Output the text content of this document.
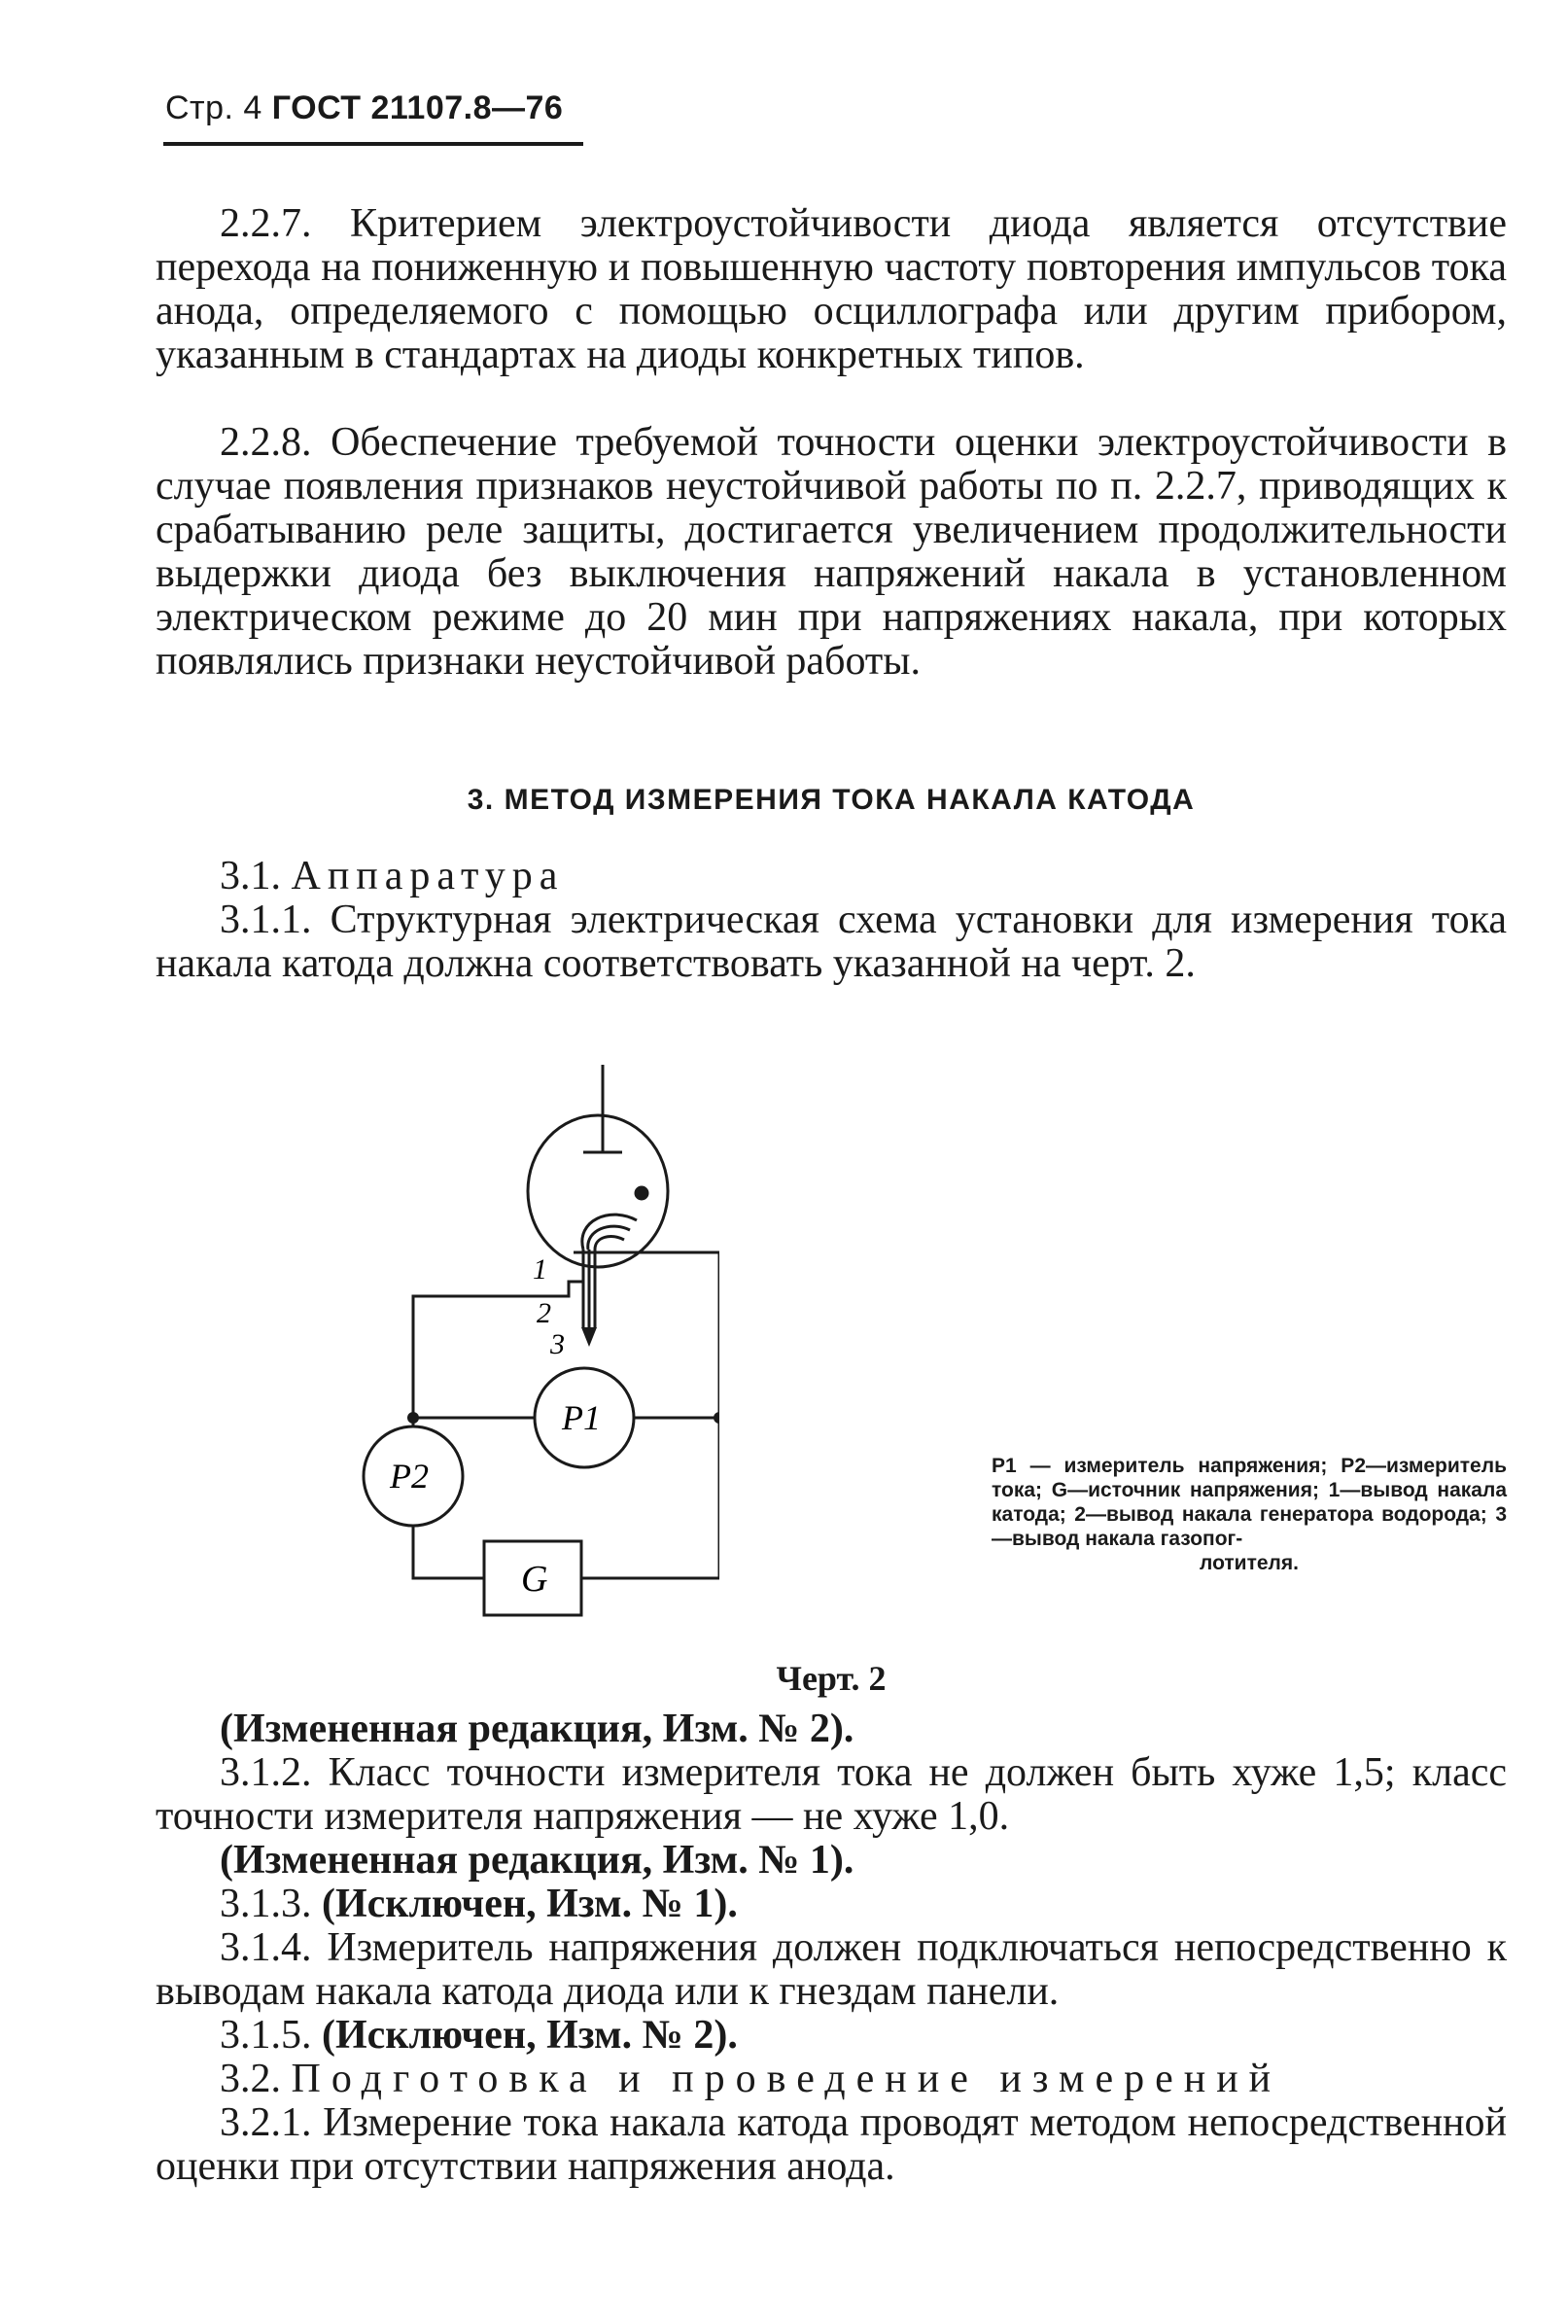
Стр. 4 ГОСТ 21107.8—76
2.2.7. Критерием электроустойчивости диода является отсутствие перехода на пониженную и повышенную частоту повторения импульсов тока анода, определяемого с помощью осциллографа или другим прибором, указанным в стандартах на диоды конкретных типов.
2.2.8. Обеспечение требуемой точности оценки электроустойчивости в случае появления признаков неустойчивой работы по п. 2.2.7, приводящих к срабатыванию реле защиты, достигается увеличением продолжительности выдержки диода без выключения напряжений накала в установленном электрическом режиме до 20 мин при напряжениях накала, при которых появлялись признаки неустойчивой работы.
3. МЕТОД ИЗМЕРЕНИЯ ТОКА НАКАЛА КАТОДА
3.1. Аппаратура
3.1.1. Структурная электрическая схема установки для измерения тока накала катода должна соответствовать указанной на черт. 2.
1
2
3
P1
P2
G
P1 — измеритель напряжения; P2—измеритель тока; G—источник напряжения; 1—вывод накала катода; 2—вывод накала генератора водорода; 3—вывод накала газопог-
лотителя.
Черт. 2
(Измененная редакция, Изм. № 2).
3.1.2. Класс точности измерителя тока не должен быть хуже 1,5; класс точности измерителя напряжения — не хуже 1,0.
(Измененная редакция, Изм. № 1).
3.1.3. (Исключен, Изм. № 1).
3.1.4. Измеритель напряжения должен подключаться непосредственно к выводам накала катода диода или к гнездам панели.
3.1.5. (Исключен, Изм. № 2).
3.2. Подготовка и проведение измерений
3.2.1. Измерение тока накала катода проводят методом непосредственной оценки при отсутствии напряжения анода.
